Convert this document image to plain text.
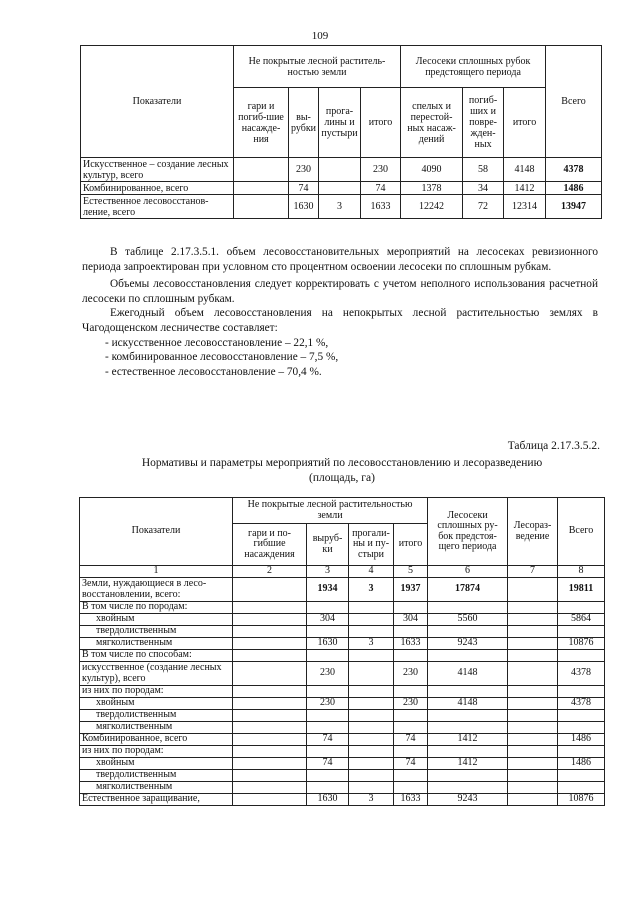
109
Показатели	Не покрытые лесной раститель-ностью земли				Лесосеки сплошных рубок предстоящего периода			Всего
	гари и погиб-шие насажде-ния	вы-рубки	прога-лины и пустыри	итого	спелых и перестой-ных насаж-дений	погиб-ших и повре-жден-ных	итого	
Искусственное – создание лесных культур, всего		230		230	4090	58	4148	4378
Комбинированное, всего		74		74	1378	34	1412	1486
Естественное лесовосстанов-ление, всего		1630	3	1633	12242	72	12314	13947

В таблице 2.17.3.5.1. объем лесовосстановительных мероприятий на лесосеках ревизионного периода запроектирован при условном сто процентном освоении лесосеки по сплошным рубкам.

Объемы лесовосстановления следует корректировать с учетом неполного использования расчетной лесосеки по сплошным рубкам.

Ежегодный объем лесовосстановления на непокрытых лесной растительностью землях в Чагодощенском лесничестве составляет:

- искусственное лесовосстановление – 22,1 %,

- комбинированное лесовосстановление – 7,5 %,

- естественное лесовосстановление – 70,4 %.

Таблица 2.17.3.5.2.
Нормативы и параметры мероприятий по лесовосстановлению и лесоразведению
(площадь, га)
Показатели	Не покрытые лесной растительностью земли				Лесосеки сплошных ру-бок предстоя-щего периода	Лесораз-ведение	Всего
	гари и по-гибшие насаждения	выруб-ки	прогали-ны и пу-стыри	итого			
1	2	3	4	5	6	7	8
Земли, нуждающиеся в лесо-восстановлении, всего:		1934	3	1937	17874		19811
В том числе по породам:							
хвойным		304		304	5560		5864
твердолиственным							
мягколиственным		1630	3	1633	9243		10876
В том числе по способам:							
искусственное (создание лесных культур), всего		230		230	4148		4378
из них по породам:							
хвойным		230		230	4148		4378
твердолиственным							
мягколиственным							
Комбинированное, всего		74		74	1412		1486
из них по породам:							
хвойным		74		74	1412		1486
твердолиственным							
мягколиственным							
Естественное заращивание,		1630	3	1633	9243		10876
